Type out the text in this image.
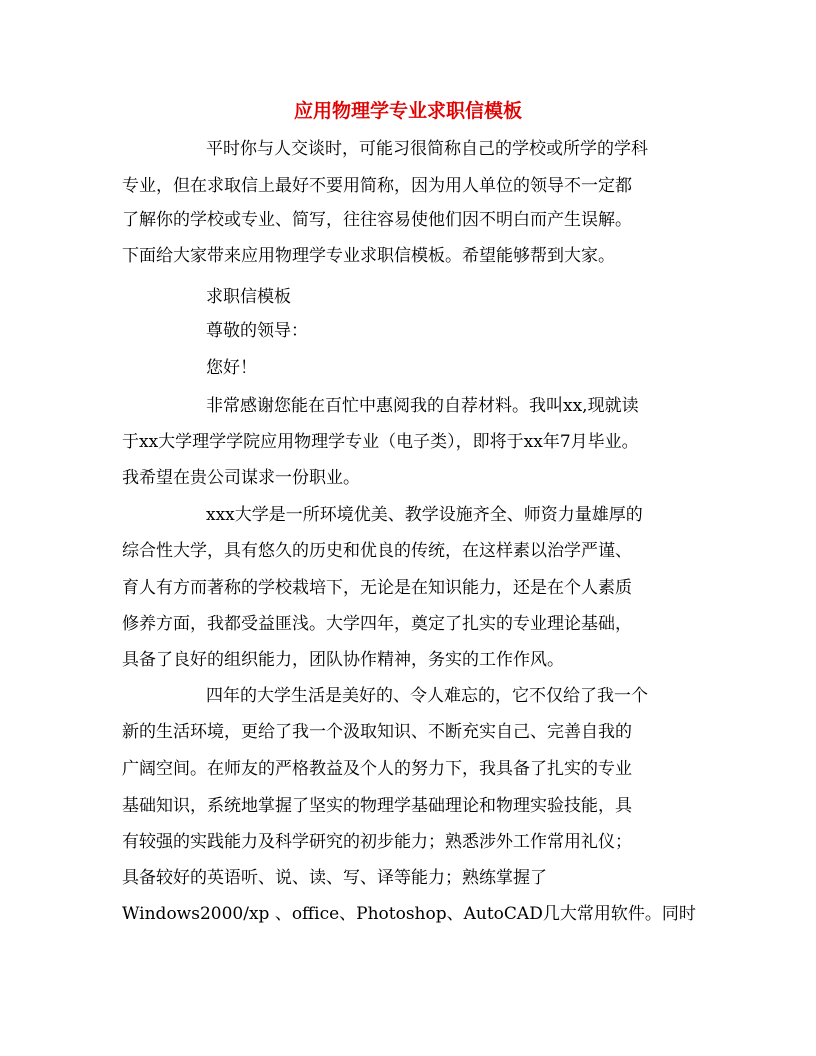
应用物理学专业求职信模板
平时你与人交谈时，可能习很简称自己的学校或所学的学科
专业，但在求取信上最好不要用简称，因为用人单位的领导不一定都
了解你的学校或专业、简写，往往容易使他们因不明白而产生误解。
下面给大家带来应用物理学专业求职信模板。希望能够帮到大家。
求职信模板
尊敬的领导：
您好！
非常感谢您能在百忙中惠阅我的自荐材料。我叫xx,现就读
于xx大学理学学院应用物理学专业（电子类），即将于xx年7月毕业。
我希望在贵公司谋求一份职业。
xxx大学是一所环境优美、教学设施齐全、师资力量雄厚的
综合性大学，具有悠久的历史和优良的传统，在这样素以治学严谨、
育人有方而著称的学校栽培下，无论是在知识能力，还是在个人素质
修养方面，我都受益匪浅。大学四年，奠定了扎实的专业理论基础，
具备了良好的组织能力，团队协作精神，务实的工作作风。
四年的大学生活是美好的、令人难忘的，它不仅给了我一个
新的生活环境，更给了我一个汲取知识、不断充实自己、完善自我的
广阔空间。在师友的严格教益及个人的努力下，我具备了扎实的专业
基础知识，系统地掌握了坚实的物理学基础理论和物理实验技能，具
有较强的实践能力及科学研究的初步能力；熟悉涉外工作常用礼仪；
具备较好的英语听、说、读、写、译等能力；熟练掌握了
Windows2000/xp 、office、Photoshop、AutoCAD几大常用软件。同时
